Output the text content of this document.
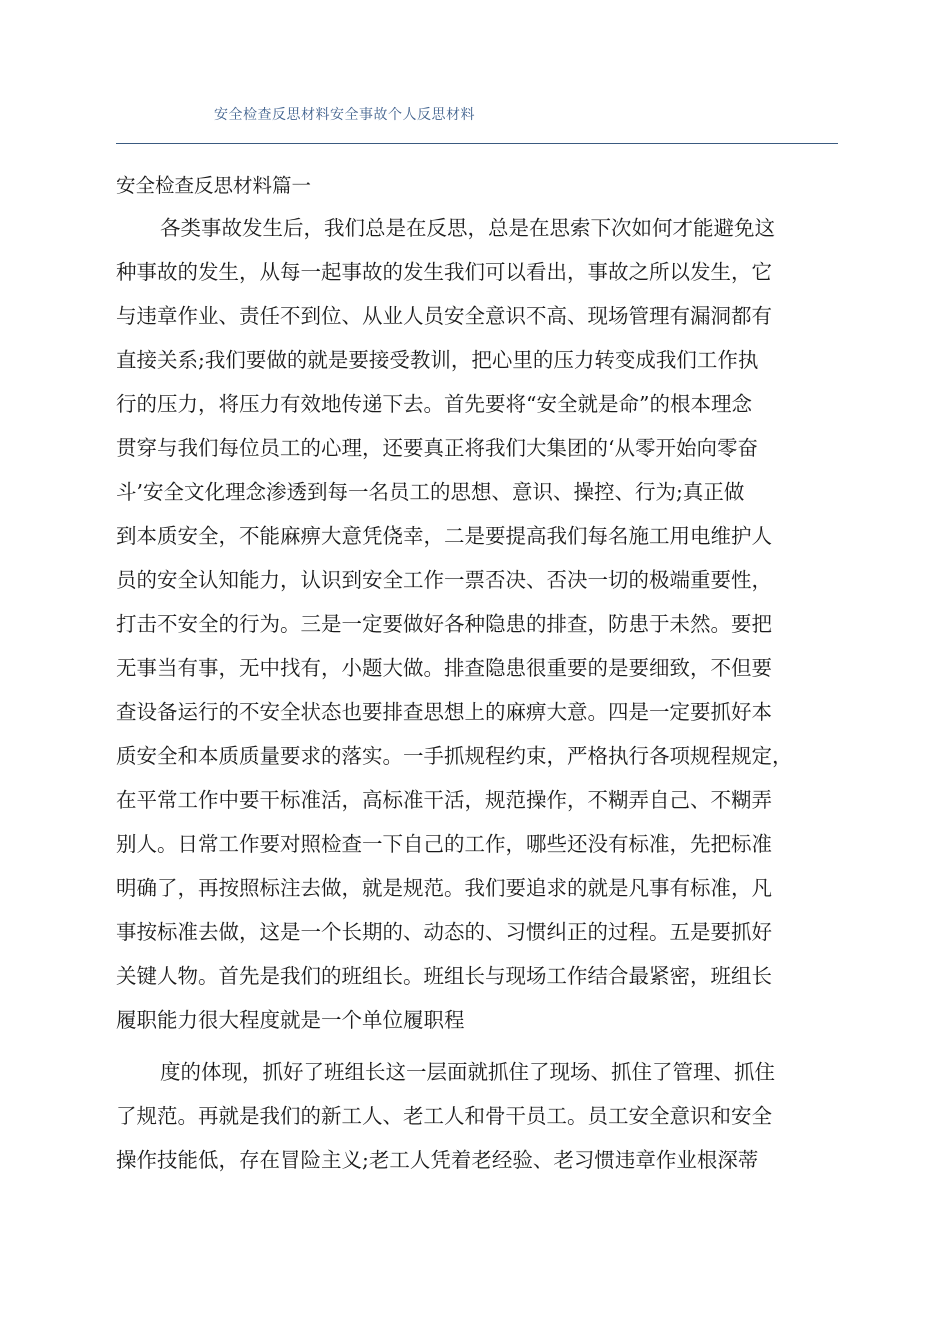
安全检查反思材料安全事故个人反思材料
安全检查反思材料篇一
各类事故发生后，我们总是在反思，总是在思索下次如何才能避免这
种事故的发生，从每一起事故的发生我们可以看出，事故之所以发生，它
与违章作业、责任不到位、从业人员安全意识不高、现场管理有漏洞都有
直接关系;我们要做的就是要接受教训，把心里的压力转变成我们工作执
行的压力，将压力有效地传递下去。首先要将“安全就是命”的根本理念
贯穿与我们每位员工的心理，还要真正将我们大集团的‘从零开始向零奋
斗’安全文化理念渗透到每一名员工的思想、意识、操控、行为;真正做
到本质安全，不能麻痹大意凭侥幸，二是要提高我们每名施工用电维护人
员的安全认知能力，认识到安全工作一票否决、否决一切的极端重要性，
打击不安全的行为。三是一定要做好各种隐患的排查，防患于未然。要把
无事当有事，无中找有，小题大做。排查隐患很重要的是要细致，不但要
查设备运行的不安全状态也要排查思想上的麻痹大意。四是一定要抓好本
质安全和本质质量要求的落实。一手抓规程约束，严格执行各项规程规定，
在平常工作中要干标准活，高标准干活，规范操作，不糊弄自己、不糊弄
别人。日常工作要对照检查一下自己的工作，哪些还没有标准，先把标准
明确了，再按照标注去做，就是规范。我们要追求的就是凡事有标准，凡
事按标准去做，这是一个长期的、动态的、习惯纠正的过程。五是要抓好
关键人物。首先是我们的班组长。班组长与现场工作结合最紧密，班组长
履职能力很大程度就是一个单位履职程
度的体现，抓好了班组长这一层面就抓住了现场、抓住了管理、抓住
了规范。再就是我们的新工人、老工人和骨干员工。员工安全意识和安全
操作技能低，存在冒险主义;老工人凭着老经验、老习惯违章作业根深蒂
